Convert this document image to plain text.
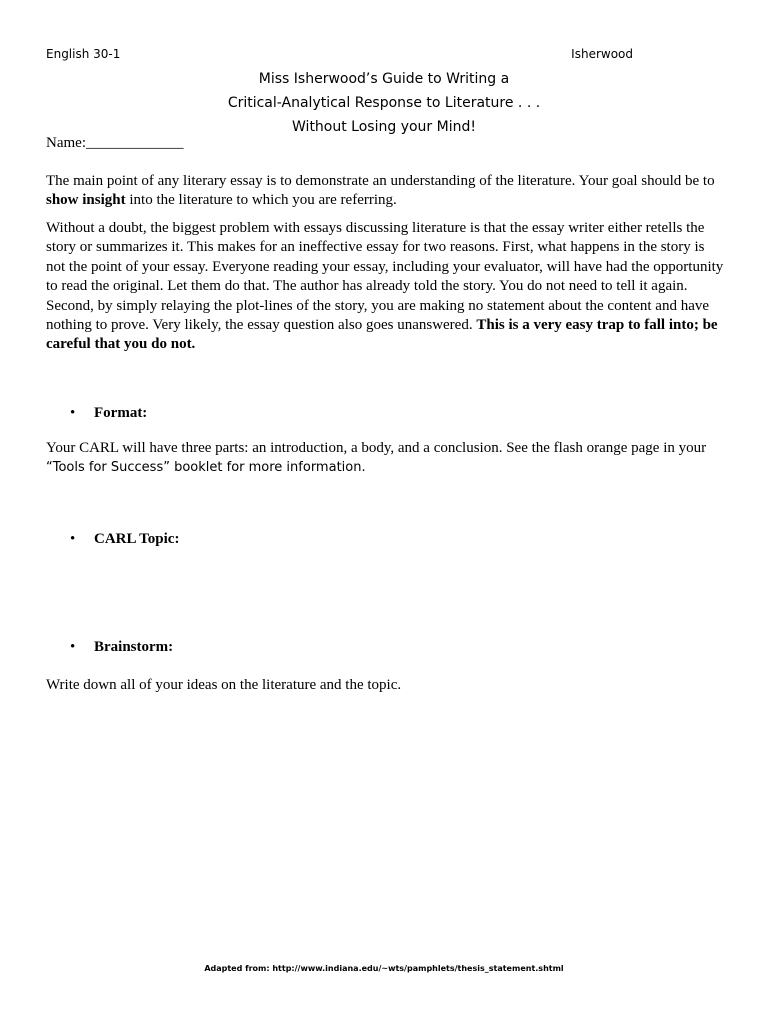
English 30-1	Isherwood
Miss Isherwood’s Guide to Writing a
Critical-Analytical Response to Literature . . .
Without Losing your Mind!
Name:_____________

The main point of any literary essay is to demonstrate an understanding of the literature. Your goal should be to show insight into the literature to which you are referring.

Without a doubt, the biggest problem with essays discussing literature is that the essay writer either retells the story or summarizes it. This makes for an ineffective essay for two reasons. First, what happens in the story is not the point of your essay. Everyone reading your essay, including your evaluator, will have had the opportunity to read the original. Let them do that. The author has already told the story. You do not need to tell it again. Second, by simply relaying the plot-lines of the story, you are making no statement about the content and have nothing to prove. Very likely, the essay question also goes unanswered. This is a very easy trap to fall into; be careful that you do not.

• Format:

Your CARL will have three parts: an introduction, a body, and a conclusion. See the flash orange page in your “Tools for Success” booklet for more information.

• CARL Topic:
• Brainstorm:

Write down all of your ideas on the literature and the topic.

Adapted from: http://www.indiana.edu/~wts/pamphlets/thesis_statement.shtml
